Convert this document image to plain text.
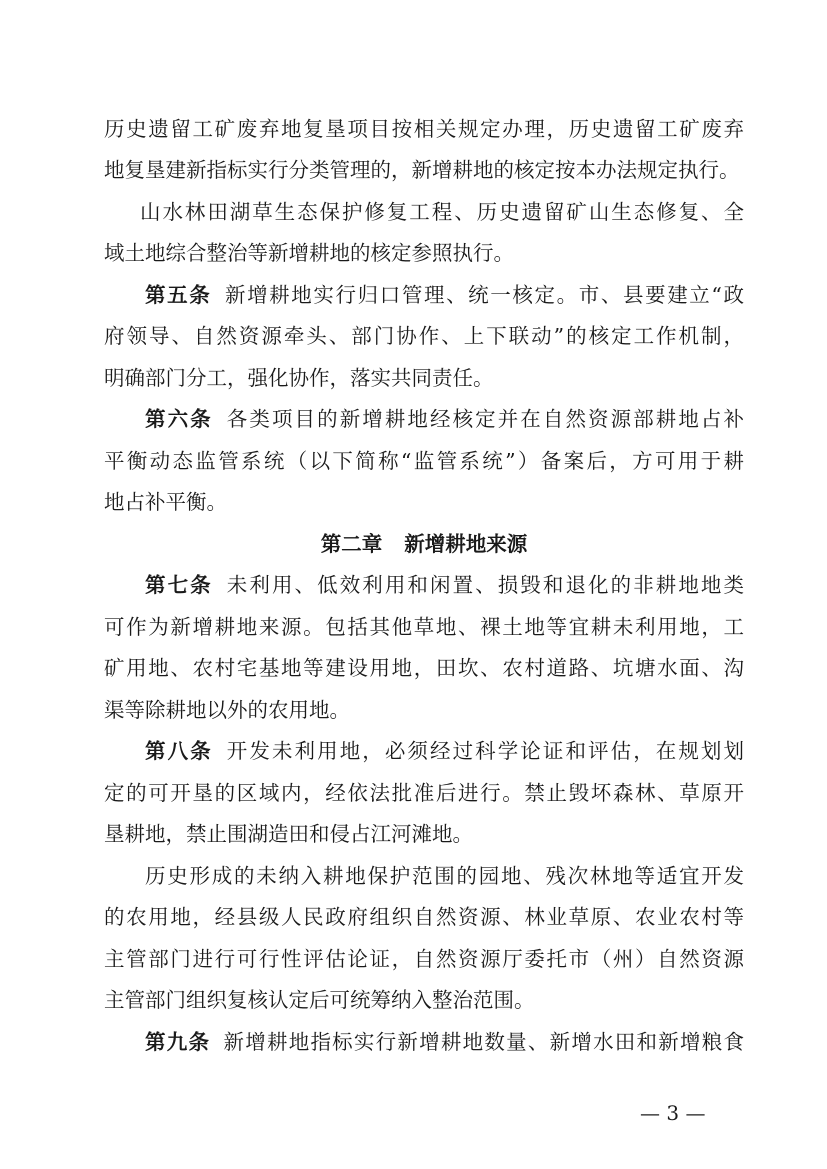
历史遗留工矿废弃地复垦项目按相关规定办理，历史遗留工矿废弃
地复垦建新指标实行分类管理的，新增耕地的核定按本办法规定执行。
山水林田湖草生态保护修复工程、历史遗留矿山生态修复、全
域土地综合整治等新增耕地的核定参照执行。
第五条 新增耕地实行归口管理、统一核定。市、县要建立“政
府领导、自然资源牵头、部门协作、上下联动”的核定工作机制，
明确部门分工，强化协作，落实共同责任。
第六条 各类项目的新增耕地经核定并在自然资源部耕地占补
平衡动态监管系统（以下简称“监管系统”）备案后，方可用于耕
地占补平衡。
第二章 新增耕地来源
第七条 未利用、低效利用和闲置、损毁和退化的非耕地地类
可作为新增耕地来源。包括其他草地、裸土地等宜耕未利用地，工
矿用地、农村宅基地等建设用地，田坎、农村道路、坑塘水面、沟
渠等除耕地以外的农用地。
第八条 开发未利用地，必须经过科学论证和评估，在规划划
定的可开垦的区域内，经依法批准后进行。禁止毁坏森林、草原开
垦耕地，禁止围湖造田和侵占江河滩地。
历史形成的未纳入耕地保护范围的园地、残次林地等适宜开发
的农用地，经县级人民政府组织自然资源、林业草原、农业农村等
主管部门进行可行性评估论证，自然资源厅委托市（州）自然资源
主管部门组织复核认定后可统筹纳入整治范围。
第九条 新增耕地指标实行新增耕地数量、新增水田和新增粮食
— 3 —
